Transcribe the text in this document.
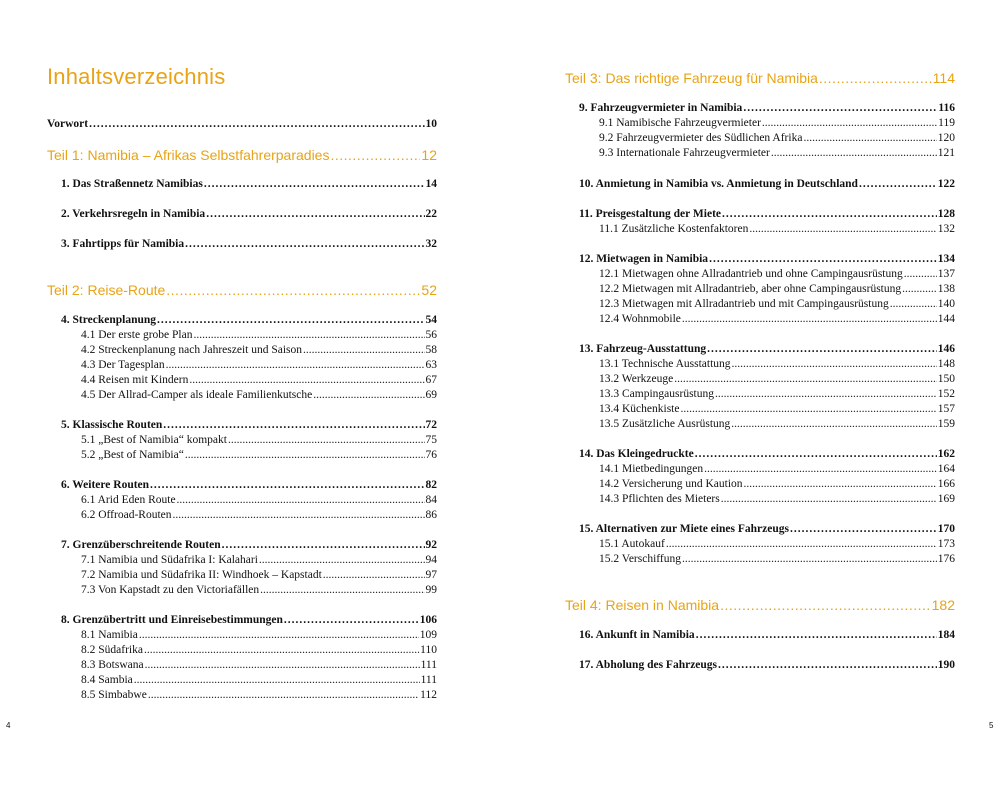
Inhaltsverzeichnis
Vorwort .....	10
Teil 1: Namibia – Afrikas Selbstfahrerparadies .....	12
1. Das Straßennetz Namibias .....	14
2. Verkehrsregeln in Namibia .....	22
3. Fahrtipps für Namibia .....	32
Teil 2: Reise-Route .....	52
4. Streckenplanung .....	54
4.1 Der erste grobe Plan .....	56
4.2 Streckenplanung nach Jahreszeit und Saison .....	58
4.3 Der Tagesplan .....	63
4.4 Reisen mit Kindern .....	67
4.5 Der Allrad-Camper als ideale Familienkutsche .....	69
5. Klassische Routen .....	72
5.1 „Best of Namibia“ kompakt .....	75
5.2 „Best of Namibia“ .....	76
6. Weitere Routen .....	82
6.1 Arid Eden Route .....	84
6.2 Offroad-Routen .....	86
7. Grenzüberschreitende Routen .....	92
7.1 Namibia und Südafrika I: Kalahari .....	94
7.2 Namibia und Südafrika II: Windhoek – Kapstadt .....	97
7.3 Von Kapstadt zu den Victoriafällen .....	99
8. Grenzübertritt und Einreisebestimmungen .....	106
8.1 Namibia .....	109
8.2 Südafrika .....	110
8.3 Botswana .....	111
8.4 Sambia .....	111
8.5 Simbabwe .....	112
Teil 3: Das richtige Fahrzeug für Namibia .....	114
9. Fahrzeugvermieter in Namibia .....	116
9.1 Namibische Fahrzeugvermieter .....	119
9.2 Fahrzeugvermieter des Südlichen Afrika .....	120
9.3 Internationale Fahrzeugvermieter .....	121
10. Anmietung in Namibia vs. Anmietung in Deutschland .....	122
11. Preisgestaltung der Miete .....	128
11.1 Zusätzliche Kostenfaktoren .....	132
12. Mietwagen in Namibia .....	134
12.1 Mietwagen ohne Allradantrieb und ohne Campingausrüstung .....	137
12.2 Mietwagen mit Allradantrieb, aber ohne Campingausrüstung .....	138
12.3 Mietwagen mit Allradantrieb und mit Campingausrüstung .....	140
12.4 Wohnmobile .....	144
13. Fahrzeug-Ausstattung .....	146
13.1 Technische Ausstattung .....	148
13.2 Werkzeuge .....	150
13.3 Campingausrüstung .....	152
13.4 Küchenkiste .....	157
13.5 Zusätzliche Ausrüstung .....	159
14. Das Kleingedruckte .....	162
14.1 Mietbedingungen .....	164
14.2 Versicherung und Kaution .....	166
14.3 Pflichten des Mieters .....	169
15. Alternativen zur Miete eines Fahrzeugs .....	170
15.1 Autokauf .....	173
15.2 Verschiffung .....	176
Teil 4: Reisen in Namibia .....	182
16. Ankunft in Namibia .....	184
17. Abholung des Fahrzeugs .....	190
4	5
